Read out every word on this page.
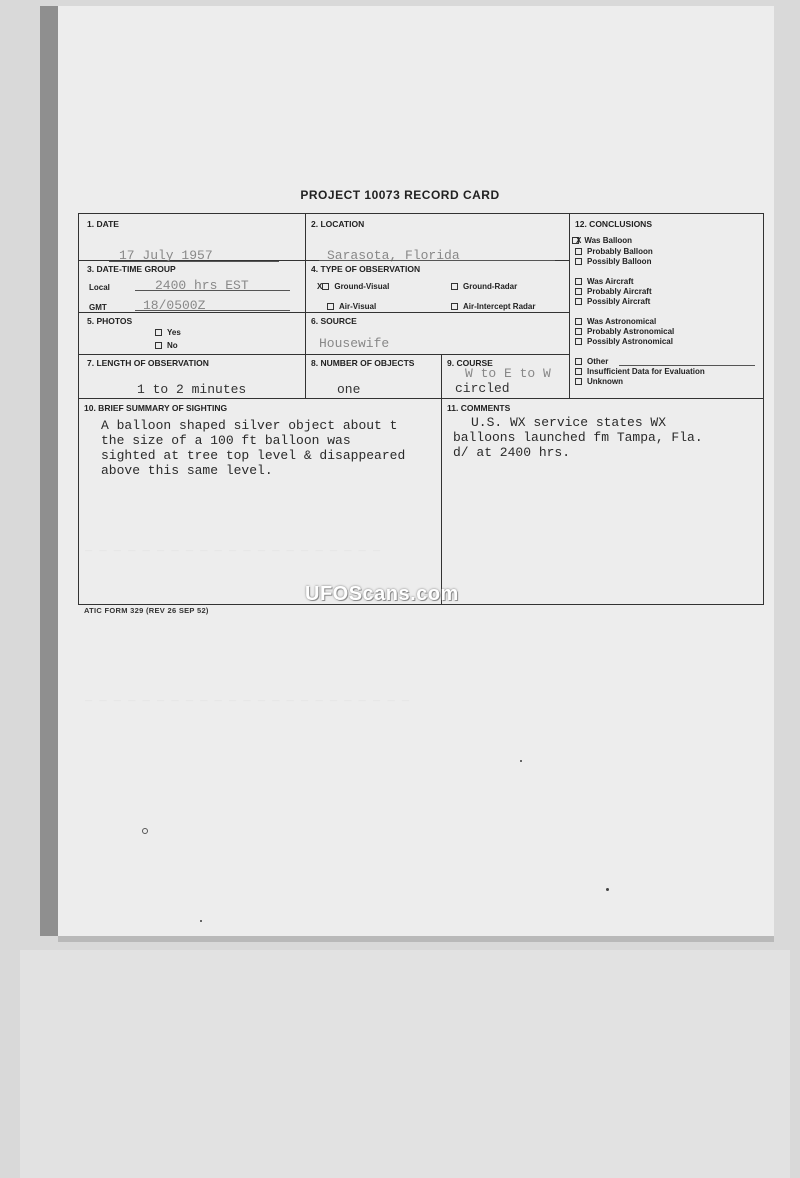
_ _ _ _ _ _ _ _ _ _ _ _ _ _ _ _ _ _ _ _ _
_ _ _ _ _ _ _ _ _ _ _ _ _ _ _ _ _ _ _ _ _ _ _
PROJECT 10073 RECORD CARD
1. DATE
17 July 1957
2. LOCATION
Sarasota, Florida
3. DATE-TIME GROUP
Local	2400 hrs EST
GMT	18/0500Z
4. TYPE OF OBSERVATION
X Ground-Visual	Ground-Radar
Air-Visual	Air-Intercept Radar
5. PHOTOS
Yes
No
6. SOURCE
Housewife
7. LENGTH OF OBSERVATION
1 to 2 minutes
8. NUMBER OF OBJECTS
one
9. COURSE
W to E to W
circled
10. BRIEF SUMMARY OF SIGHTING
A balloon shaped silver object about t
the size of a 100 ft balloon was
sighted at tree top level & disappeared
above this same level.
11. COMMENTS
U.S. WX service states WX
balloons launched fm Tampa, Fla.
d/ at 2400 hrs.
12. CONCLUSIONS
X Was Balloon
Probably Balloon
Possibly Balloon
Was Aircraft
Probably Aircraft
Possibly Aircraft
Was Astronomical
Probably Astronomical
Possibly Astronomical
Other
Insufficient Data for Evaluation
Unknown
UFOScans.com
ATIC FORM 329 (REV 26 SEP 52)
